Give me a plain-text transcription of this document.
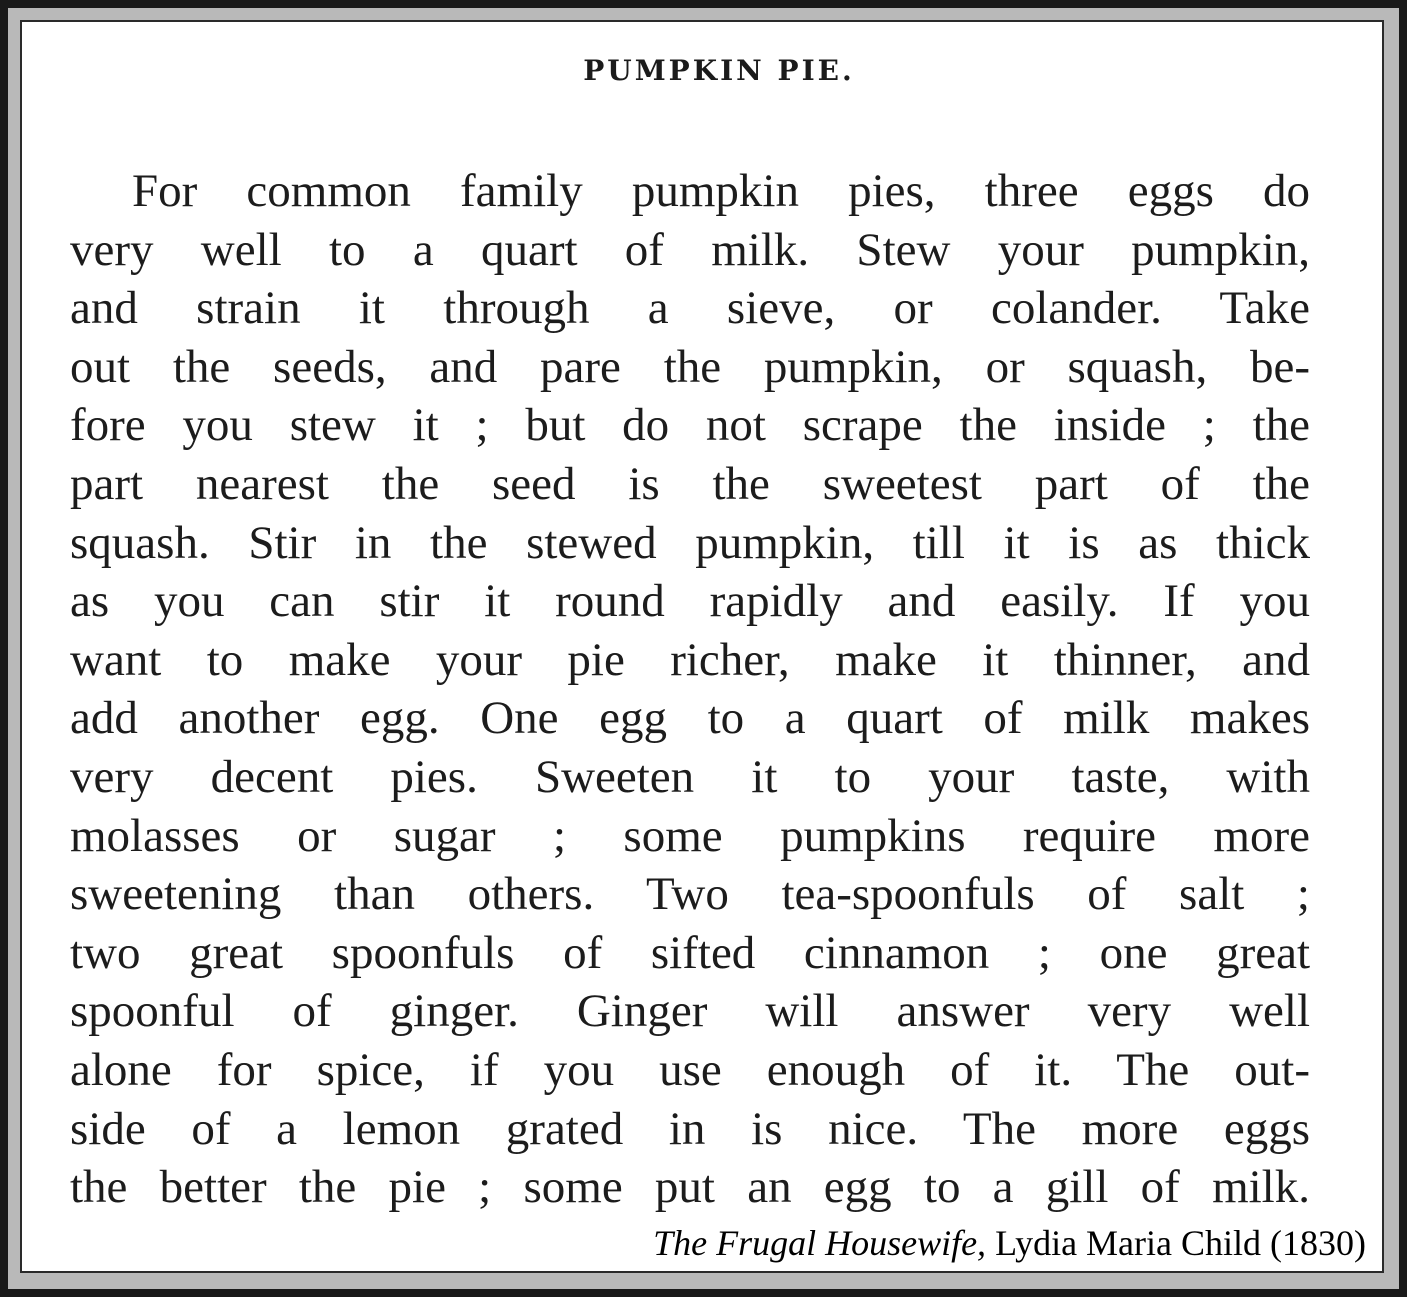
PUMPKIN PIE.
For common family pumpkin pies, three eggs do
very well to a quart of milk. Stew your pumpkin,
and strain it through a sieve, or colander. Take
out the seeds, and pare the pumpkin, or squash, be-
fore you stew it ; but do not scrape the inside ; the
part nearest the seed is the sweetest part of the
squash. Stir in the stewed pumpkin, till it is as thick
as you can stir it round rapidly and easily. If you
want to make your pie richer, make it thinner, and
add another egg. One egg to a quart of milk makes
very decent pies. Sweeten it to your taste, with
molasses or sugar ; some pumpkins require more
sweetening than others. Two tea-spoonfuls of salt ;
two great spoonfuls of sifted cinnamon ; one great
spoonful of ginger. Ginger will answer very well
alone for spice, if you use enough of it. The out-
side of a lemon grated in is nice. The more eggs
the better the pie ; some put an egg to a gill of milk.
The Frugal Housewife, Lydia Maria Child (1830)
